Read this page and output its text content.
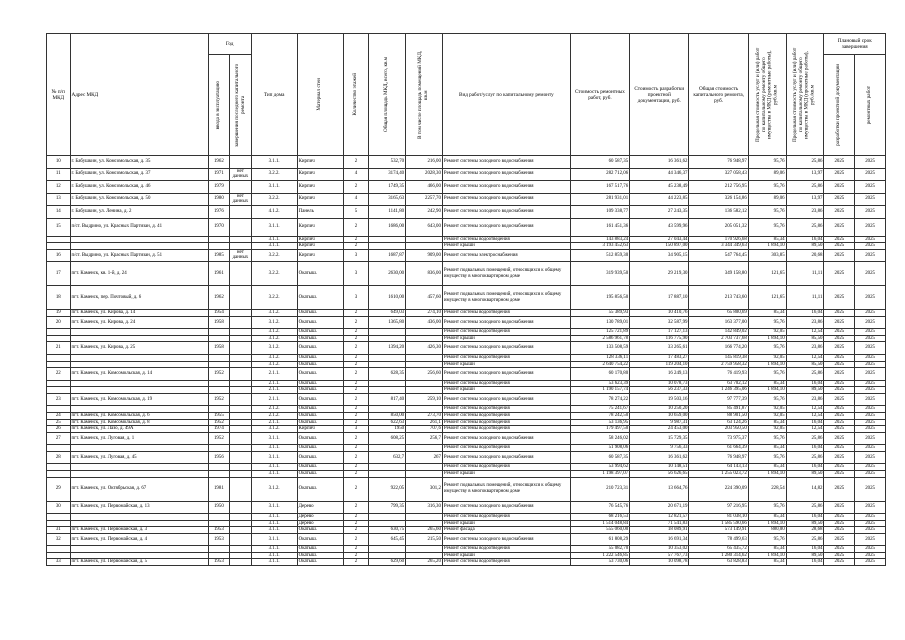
№ п/п МКД	Адрес МКД	Год		Тип дома	Материал стен	Количество этажей	Общая площадь МКД, всего, кв.м	В том числе площадь помещений МКД, кв.м	Вид работ/услуг по капитальному ремонту	Стоимость ремонтных работ, руб.	Стоимость разработки проектной документации, руб.	Общая стоимость капитального ремонта, руб.	Предельная стоимость услуг и (или) работ по капитальному ремонту общего имущества в МКД (ремонтные работы), руб./кв.м	Предельная стоимость услуг и (или) работ по капитальному ремонту общего имущества в МКД (проектные работы), руб./кв.м	Плановый срок завершения	

		ввода в эксплуатацию	завершения последнего капитального ремонта												разработки проектной документации	ремонтных работ

10	г. Бабушкин, ул. Комсомольская, д. 35	1962		3.1.1.	Кирпич	2	532,70	216,00	Ремонт системы холодного водоснабжения	60 587,35	16 361,62	76 948,97	95,76	25,86	2025	2025
11	г. Бабушкин, ул. Комсомольская, д. 37	1971	нет данных	3.2.2.	Кирпич	4	3174,40	2028,30	Ремонт системы холодного водоснабжения	282 712,06	44 346,37	327 058,43	89,06	13,97	2025	2025
12	г. Бабушкин, ул. Комсомольская, д. 46	1979		3.1.1.	Кирпич	2	1749,35	466,00	Ремонт системы холодного водоснабжения	167 517,76	45 238,49	212 756,95	95,76	25,86	2025	2025
13	г. Бабушкин, ул. Комсомольская, д. 50	1980	нет данных	3.2.2.	Кирпич	4	3165,63	2257,70	Ремонт системы холодного водоснабжения	281 931,01	44 223,85	326 154,86	89,06	13,97	2025	2025
14	г. Бабушкин, ул. Ленина, д. 2	1976		4.1.2.	Панель	5	1141,80	242,90	Ремонт системы холодного водоснабжения	109 338,77	27 243,35	136 582,12	95,76	23,86	2025	2025
15	п/ст. Выдрино, ул. Красных Партизан, д. 41	1970		3.1.1.	Кирпич	2	1686,00	643,00	Ремонт системы холодного водоснабжения	161 451,36	43 599,96	205 051,32	95,76	25,86	2025	2025
				3.1.1.	Кирпич	2			Ремонт системы водоотведения	143 883,24	27 043,44	170 926,68	85,34	16,04	2025	2025
				3.1.1.	Кирпич	2			Ремонт крыши	3 193 452,63	150 897,00	3 344 349,63	1 894,10	89,50	2025	2025
16	п/ст. Выдрино, ул. Красных Партизан, д. 51	1985	нет данных	3.2.2.	Кирпич	3	1687,87	909,00	Ремонт системы электроснабжения	512 859,30	34 905,15	547 764,45	303,85	20,68	2025	2025
17	пгт. Каменск, кв. 1-й, д. 24	1961		3.2.2.	Окатыш.	3	2630,00	836,00	Ремонт подвальных помещений, относящихся к общему имуществу в многоквартирном доме	319 939,50	29 219,30	349 158,80	121,65	11,11	2025	2025
18	пгт. Каменск, пер. Почтовый, д. 6	1962		3.2.2.	Окатыш.	3	1610,00	457,60	Ремонт подвальных помещений, относящихся к общему имуществу в многоквартирном доме	195 856,50	17 887,10	213 743,60	121,65	11,11	2025	2025
19	пгт. Каменск, ул. Кирова, д. 14	1954		3.1.2.	Окатыш.	2	649,03	274,10	Ремонт системы водоотведения	55 389,93	10 410,76	65 800,69	85,34	16,04	2025	2025
20	пгт. Каменск, ул. Кирова, д. 24	1958		3.1.2.	Окатыш.	2	1365,80	436,00	Ремонт системы холодного водоснабжения	130 789,01	32 587,99	163 377,00	95,76	23,86	2025	2025
				3.1.2.	Окатыш.	2			Ремонт системы водоотведения	125 721,89	17 127,13	142 849,02	92,05	12,54	2025	2025
				3.1.2.	Окатыш.	2			Ремонт крыши	2 586 961,78	116 775,90	2 703 737,68	1 894,10	85,50	2025	2025
21	пгт. Каменск, ул. Кирова, д. 25	1958		3.1.2.	Окатыш.	2	1394,20	426,30	Ремонт системы холодного водоснабжения	133 508,59	33 265,61	166 774,20	95,76	23,86	2025	2025
				3.1.2.	Окатыш.	2			Ремонт системы водоотведения	128 336,11	17 483,27	145 819,38	92,05	12,54	2025	2025
				3.1.2.	Окатыш.	2			Ремонт крыши	2 640 754,22	119 204,10	2 759 958,32	1 894,10	85,50	2025	2025
22	пгт. Каменск, ул. Комсомольская, д. 14	1952		2.1.1.	Окатыш.	2	628,35	256,60	Ремонт системы холодного водоснабжения	60 170,80	16 249,13	76 419,93	95,76	25,86	2025	2025
				2.1.1.	Окатыш.	2			Ремонт системы водоотведения	53 623,39	10 078,73	63 702,12	85,34	16,04	2025	2025
				2.1.1.	Окатыш.	2			Ремонт крыши	1 190 157,74	56 237,33	1 246 395,06	1 894,10	89,50	2025	2025
23	пгт. Каменск, ул. Комсомольская, д. 19	1952		2.1.1.	Окатыш.	2	817,40	259,10	Ремонт системы холодного водоснабжения	78 274,22	19 503,16	97 777,39	95,76	23,86	2025	2025
				2.1.2.	Окатыш.	2			Ремонт системы водоотведения	75 241,67	10 250,20	85 491,87	92,05	12,54	2025	2025
24	пгт. Каменск, ул. Комсомольская, д. 6	1955		2.1.2.	Окатыш.	2	850,00	273,70	Ремонт системы водоотведения	78 242,50	10 659,00	88 901,50	92,05	12,54	2025	2025
25	пгт. Каменск, ул. Комсомольская, д. 8	1952		2.1.1.	Окатыш.	2	622,63	261,1	Ремонт системы водоотведения	53 136,95	9 987,31	63 124,26	85,34	16,04	2025	2025
26	пгт. Каменск, ул. Лазо, д. 49А	1974		3.1.2.	Кирпич	3	1950	707,6	Ремонт системы водоотведения	179 497,50	24 453,00	203 950,50	92,05	12,54	2025	2025
27	пгт. Каменск, ул. Луговая, д. 1	1952		3.1.1.	Окатыш.	2	608,25	256,7	Ремонт системы холодного водоснабжения	58 246,02	15 729,35	73 975,37	95,76	25,86	2025	2025
				3.1.1.	Окатыш.	2			Ремонт системы водоотведения	51 908,06	9 756,33	61 664,39	85,34	16,04	2025	2025
28	пгт. Каменск, ул. Луговая, д. 45	1956		3.1.1.	Окатыш.	2	632,7	267	Ремонт системы холодного водоснабжения	60 587,35	16 361,62	76 948,97	95,76	25,86	2025	2025
				3.1.1.	Окатыш.	2			Ремонт системы водоотведения	53 994,62	10 148,51	64 143,13	85,34	16,04	2025	2025
				3.1.1.	Окатыш.	2			Ремонт крыши	1 198 397,07	56 626,65	1 255 023,72	1 894,10	89,50	2025	2025
29	пгт. Каменск, ул. Октябрьская, д. 67	1981		3.1.2.	Окатыш.	2	922,05	301,2	Ремонт подвальных помещений, относящихся к общему имуществу в многоквартирном доме	210 723,31	13 664,76	224 390,09	228,54	14,82	2025	2025
30	пгт. Каменск, ул. Первомайская, д. 13	1950		3.1.1.	Дерево	2	799,35	316,30	Ремонт системы холодного водоснабжения	76 545,76	20 671,19	97 216,95	95,76	25,86	2025	2025
				3.1.1.	Дерево	2			Ремонт системы водоотведения	68 216,53	12 821,57	81 038,10	85,34	16,04	2025	2025
				3.1.1.	Дерево	2			Ремонт крыши	1 514 048,84	71 541,83	1 585 590,66	1 894,10	89,50	2025	2025
31	пгт. Каменск, ул. Первомайская, д. 3	1953		3.1.1.	Окатыш.	2	630,75	265,60	Ремонт фасада	555 060,00	18 089,91	573 149,91	880,00	28,68	2025	2025
32	пгт. Каменск, ул. Первомайская, д. 4	1953		3.1.1.	Окатыш.	2	645,45	215,50	Ремонт системы холодного водоснабжения	61 808,29	16 691,34	78 499,63	95,76	25,86	2025	2025
				3.1.1.	Окатыш.	2			Ремонт системы водоотведения	55 082,70	10 353,02	65 435,72	85,34	16,04	2025	2025
				3.1.1.	Окатыш.	2			Ремонт крыши	1 222 546,85	57 767,73	1 280 314,62	1 894,10	89,50	2025	2025
33	пгт. Каменск, ул. Первомайская, д. 5	1953		3.1.1.	Окатыш.	2	629,60	265,20	Ремонт системы водоотведения	53 730,06	10 098,78	63 828,83	85,34	16,04	2025	2025
